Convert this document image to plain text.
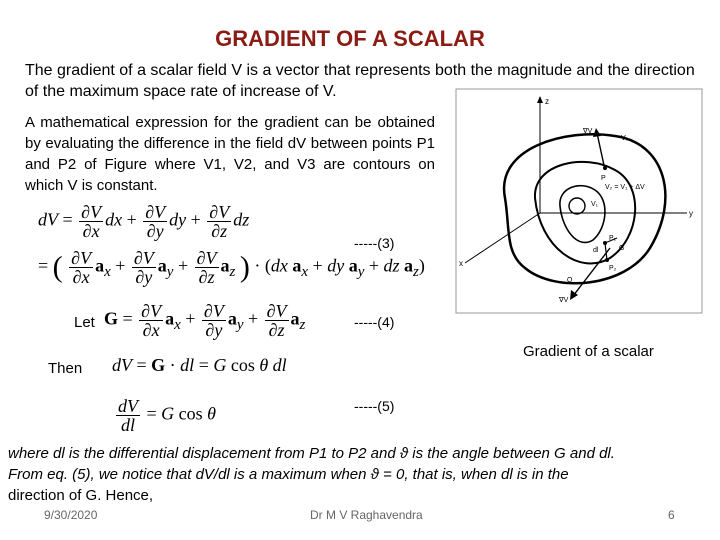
GRADIENT OF A SCALAR
The gradient of a scalar field V is a vector that represents both the magnitude and the direction of the maximum space rate of increase of V.
A mathematical expression for the gradient can be obtained by evaluating the difference in the field dV between points P1 and P2 of Figure where V1, V2, and V3 are contours on which V is constant.
dV = $\frac{\partial V}{\partial x}$ dx + $\frac{\partial V}{\partial y}$ dy + $\frac{\partial V}{\partial z}$ dz
= ( $\frac{\partial V}{\partial x} a_x + \frac{\partial V}{\partial y} a_y + \frac{\partial V}{\partial z} a_z$ ) · (dx $a_x$ + dy $a_y$ + dz $a_z$)
-----(3)
Let $G = \frac{\partial V}{\partial x} a_x + \frac{\partial V}{\partial y} a_y + \frac{\partial V}{\partial z} a_z$	-----(4)
Then dV = G · dl = G cos θ dl
$\frac{dV}{dl} = G$ cos θ	-----(5)
z
x
y
∇V
V₃
P
V₂ = V₁ + ΔV
V₁
P₁
dl	G
P₂
Q
∇V
Gradient of a scalar
where dl is the differential displacement from P1 to P2 and ϑ is the angle between G and dl.
From eq. (5), we notice that dV/dl is a maximum when ϑ = 0, that is, when dl is in the
direction of G. Hence,
9/30/2020	Dr M V Raghavendra	6
